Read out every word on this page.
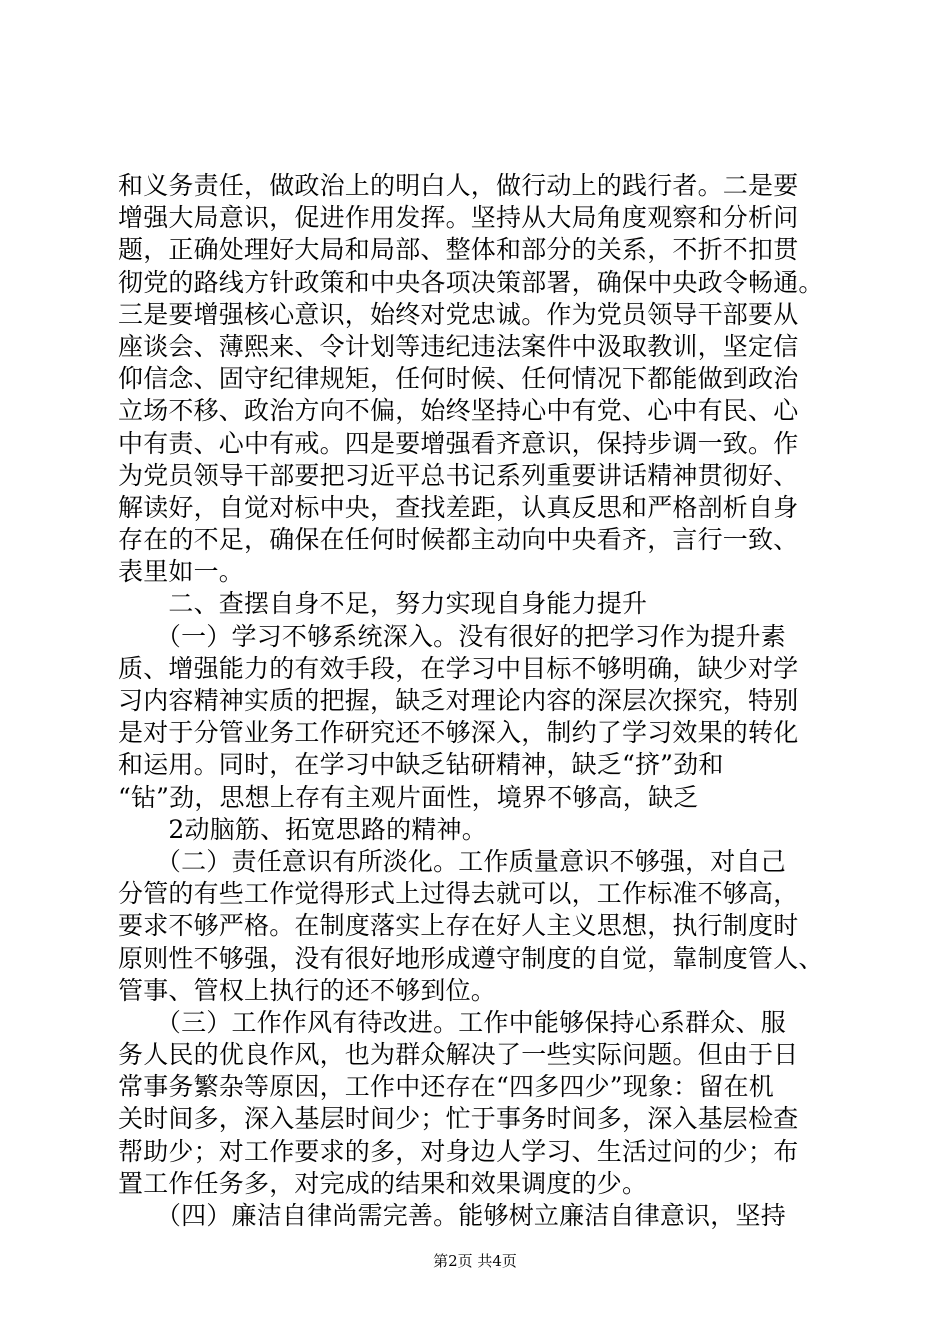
和义务责任，做政治上的明白人，做行动上的践行者。二是要
增强大局意识，促进作用发挥。坚持从大局角度观察和分析问
题，正确处理好大局和局部、整体和部分的关系，不折不扣贯
彻党的路线方针政策和中央各项决策部署，确保中央政令畅通。
三是要增强核心意识，始终对党忠诚。作为党员领导干部要从
座谈会、薄熙来、令计划等违纪违法案件中汲取教训，坚定信
仰信念、固守纪律规矩，任何时候、任何情况下都能做到政治
立场不移、政治方向不偏，始终坚持心中有党、心中有民、心
中有责、心中有戒。四是要增强看齐意识，保持步调一致。作
为党员领导干部要把习近平总书记系列重要讲话精神贯彻好、
解读好，自觉对标中央，查找差距，认真反思和严格剖析自身
存在的不足，确保在任何时候都主动向中央看齐，言行一致、
表里如一。
　　二、查摆自身不足，努力实现自身能力提升
　　（一）学习不够系统深入。没有很好的把学习作为提升素
质、增强能力的有效手段，在学习中目标不够明确，缺少对学
习内容精神实质的把握，缺乏对理论内容的深层次探究，特别
是对于分管业务工作研究还不够深入，制约了学习效果的转化
和运用。同时，在学习中缺乏钻研精神，缺乏“挤”劲和
“钻”劲，思想上存有主观片面性，境界不够高，缺乏
　　2动脑筋、拓宽思路的精神。
　　（二）责任意识有所淡化。工作质量意识不够强，对自己
分管的有些工作觉得形式上过得去就可以，工作标准不够高，
要求不够严格。在制度落实上存在好人主义思想，执行制度时
原则性不够强，没有很好地形成遵守制度的自觉，靠制度管人、
管事、管权上执行的还不够到位。
　　（三）工作作风有待改进。工作中能够保持心系群众、服
务人民的优良作风，也为群众解决了一些实际问题。但由于日
常事务繁杂等原因，工作中还存在“四多四少”现象：留在机
关时间多，深入基层时间少；忙于事务时间多，深入基层检查
帮助少；对工作要求的多，对身边人学习、生活过问的少；布
置工作任务多，对完成的结果和效果调度的少。
　　（四）廉洁自律尚需完善。能够树立廉洁自律意识，坚持
第2页 共4页
